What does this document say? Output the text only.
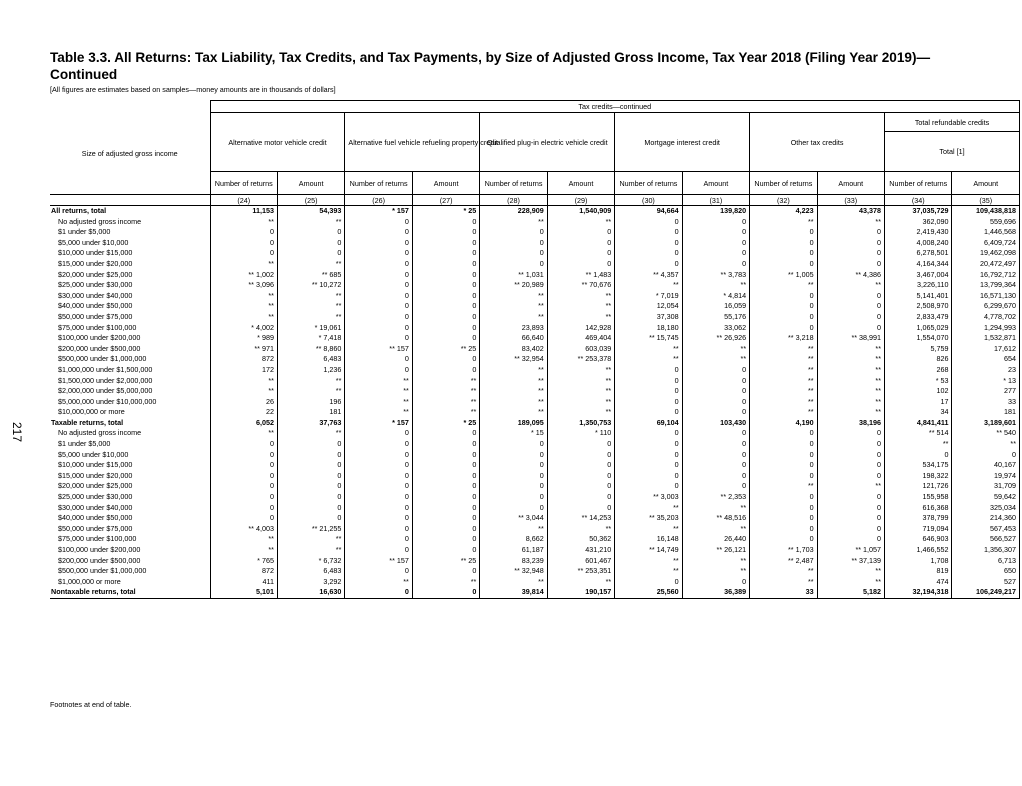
Table 3.3. All Returns: Tax Liability, Tax Credits, and Tax Payments, by Size of Adjusted Gross Income, Tax Year 2018 (Filing Year 2019)—Continued
[All figures are estimates based on samples—money amounts are in thousands of dollars]
217
	Tax credits—continued											
Size of adjusted gross income	Alternative motor vehicle credit		Alternative fuel vehicle refueling property credit		Qualified plug-in electric vehicle credit		Mortgage interest credit		Other tax credits		Total refundable credits	
											Total [1]	
	Number of returns	Amount	Number of returns	Amount	Number of returns	Amount	Number of returns	Amount	Number of returns	Amount	Number of returns	Amount
	(24)	(25)	(26)	(27)	(28)	(29)	(30)	(31)	(32)	(33)	(34)	(35)
All returns, total	11,153	54,393	* 157	* 25	228,909	1,540,909	94,664	139,820	4,223	43,378	37,035,729	109,438,818
No adjusted gross income	**	**	0	0	**	**	0	0	**	**	362,090	559,696
$1 under $5,000	0	0	0	0	0	0	0	0	0	0	2,419,430	1,446,568
$5,000 under $10,000	0	0	0	0	0	0	0	0	0	0	4,008,240	6,409,724
$10,000 under $15,000	0	0	0	0	0	0	0	0	0	0	6,278,501	19,462,098
$15,000 under $20,000	**	**	0	0	0	0	0	0	0	0	4,164,344	20,472,497
$20,000 under $25,000	** 1,002	** 685	0	0	** 1,031	** 1,483	** 4,357	** 3,783	** 1,005	** 4,386	3,467,004	16,792,712
$25,000 under $30,000	** 3,096	** 10,272	0	0	** 20,989	** 70,676	**	**	**	**	3,226,110	13,799,364
$30,000 under $40,000	**	**	0	0	**	**	* 7,019	* 4,814	0	0	5,141,401	16,571,130
$40,000 under $50,000	**	**	0	0	**	**	12,054	16,059	0	0	2,508,970	6,299,670
$50,000 under $75,000	**	**	0	0	**	**	37,308	55,176	0	0	2,833,479	4,778,702
$75,000 under $100,000	* 4,002	* 19,061	0	0	23,893	142,928	18,180	33,062	0	0	1,065,029	1,294,993
$100,000 under $200,000	* 989	* 7,418	0	0	66,640	469,404	** 15,745	** 26,926	** 3,218	** 38,991	1,554,070	1,532,871
$200,000 under $500,000	** 971	** 8,860	** 157	** 25	83,402	603,039	**	**	**	**	5,759	17,612
$500,000 under $1,000,000	872	6,483	0	0	** 32,954	** 253,378	**	**	**	**	826	654
$1,000,000 under $1,500,000	172	1,236	0	0	**	**	0	0	**	**	268	23
$1,500,000 under $2,000,000	**	**	**	**	**	**	0	0	**	**	* 53	* 13
$2,000,000 under $5,000,000	**	**	**	**	**	**	0	0	**	**	102	277
$5,000,000 under $10,000,000	26	196	**	**	**	**	0	0	**	**	17	33
$10,000,000 or more	22	181	**	**	**	**	0	0	**	**	34	181
Taxable returns, total	6,052	37,763	* 157	* 25	189,095	1,350,753	69,104	103,430	4,190	38,196	4,841,411	3,189,601
No adjusted gross income	**	**	0	0	* 15	* 110	0	0	0	0	** 514	** 540
$1 under $5,000	0	0	0	0	0	0	0	0	0	0	**	**
$5,000 under $10,000	0	0	0	0	0	0	0	0	0	0	0	0
$10,000 under $15,000	0	0	0	0	0	0	0	0	0	0	534,175	40,167
$15,000 under $20,000	0	0	0	0	0	0	0	0	0	0	198,322	19,974
$20,000 under $25,000	0	0	0	0	0	0	0	0	**	**	121,726	31,709
$25,000 under $30,000	0	0	0	0	0	0	** 3,003	** 2,353	0	0	155,958	59,642
$30,000 under $40,000	0	0	0	0	0	0	**	**	0	0	616,368	325,034
$40,000 under $50,000	0	0	0	0	** 3,044	** 14,253	** 35,203	** 48,516	0	0	378,799	214,360
$50,000 under $75,000	** 4,003	** 21,255	0	0	**	**	**	**	0	0	719,094	567,453
$75,000 under $100,000	**	**	0	0	8,662	50,362	16,148	26,440	0	0	646,903	566,527
$100,000 under $200,000	**	**	0	0	61,187	431,210	** 14,749	** 26,121	** 1,703	** 1,057	1,466,552	1,356,307
$200,000 under $500,000	* 765	* 6,732	** 157	** 25	83,239	601,467	**	**	** 2,487	** 37,139	1,708	6,713
$500,000 under $1,000,000	872	6,483	0	0	** 32,948	** 253,351	**	**	**	**	819	650
$1,000,000 or more	411	3,292	**	**	**	**	0	0	**	**	474	527
Nontaxable returns, total	5,101	16,630	0	0	39,814	190,157	25,560	36,389	33	5,182	32,194,318	106,249,217
Footnotes at end of table.
